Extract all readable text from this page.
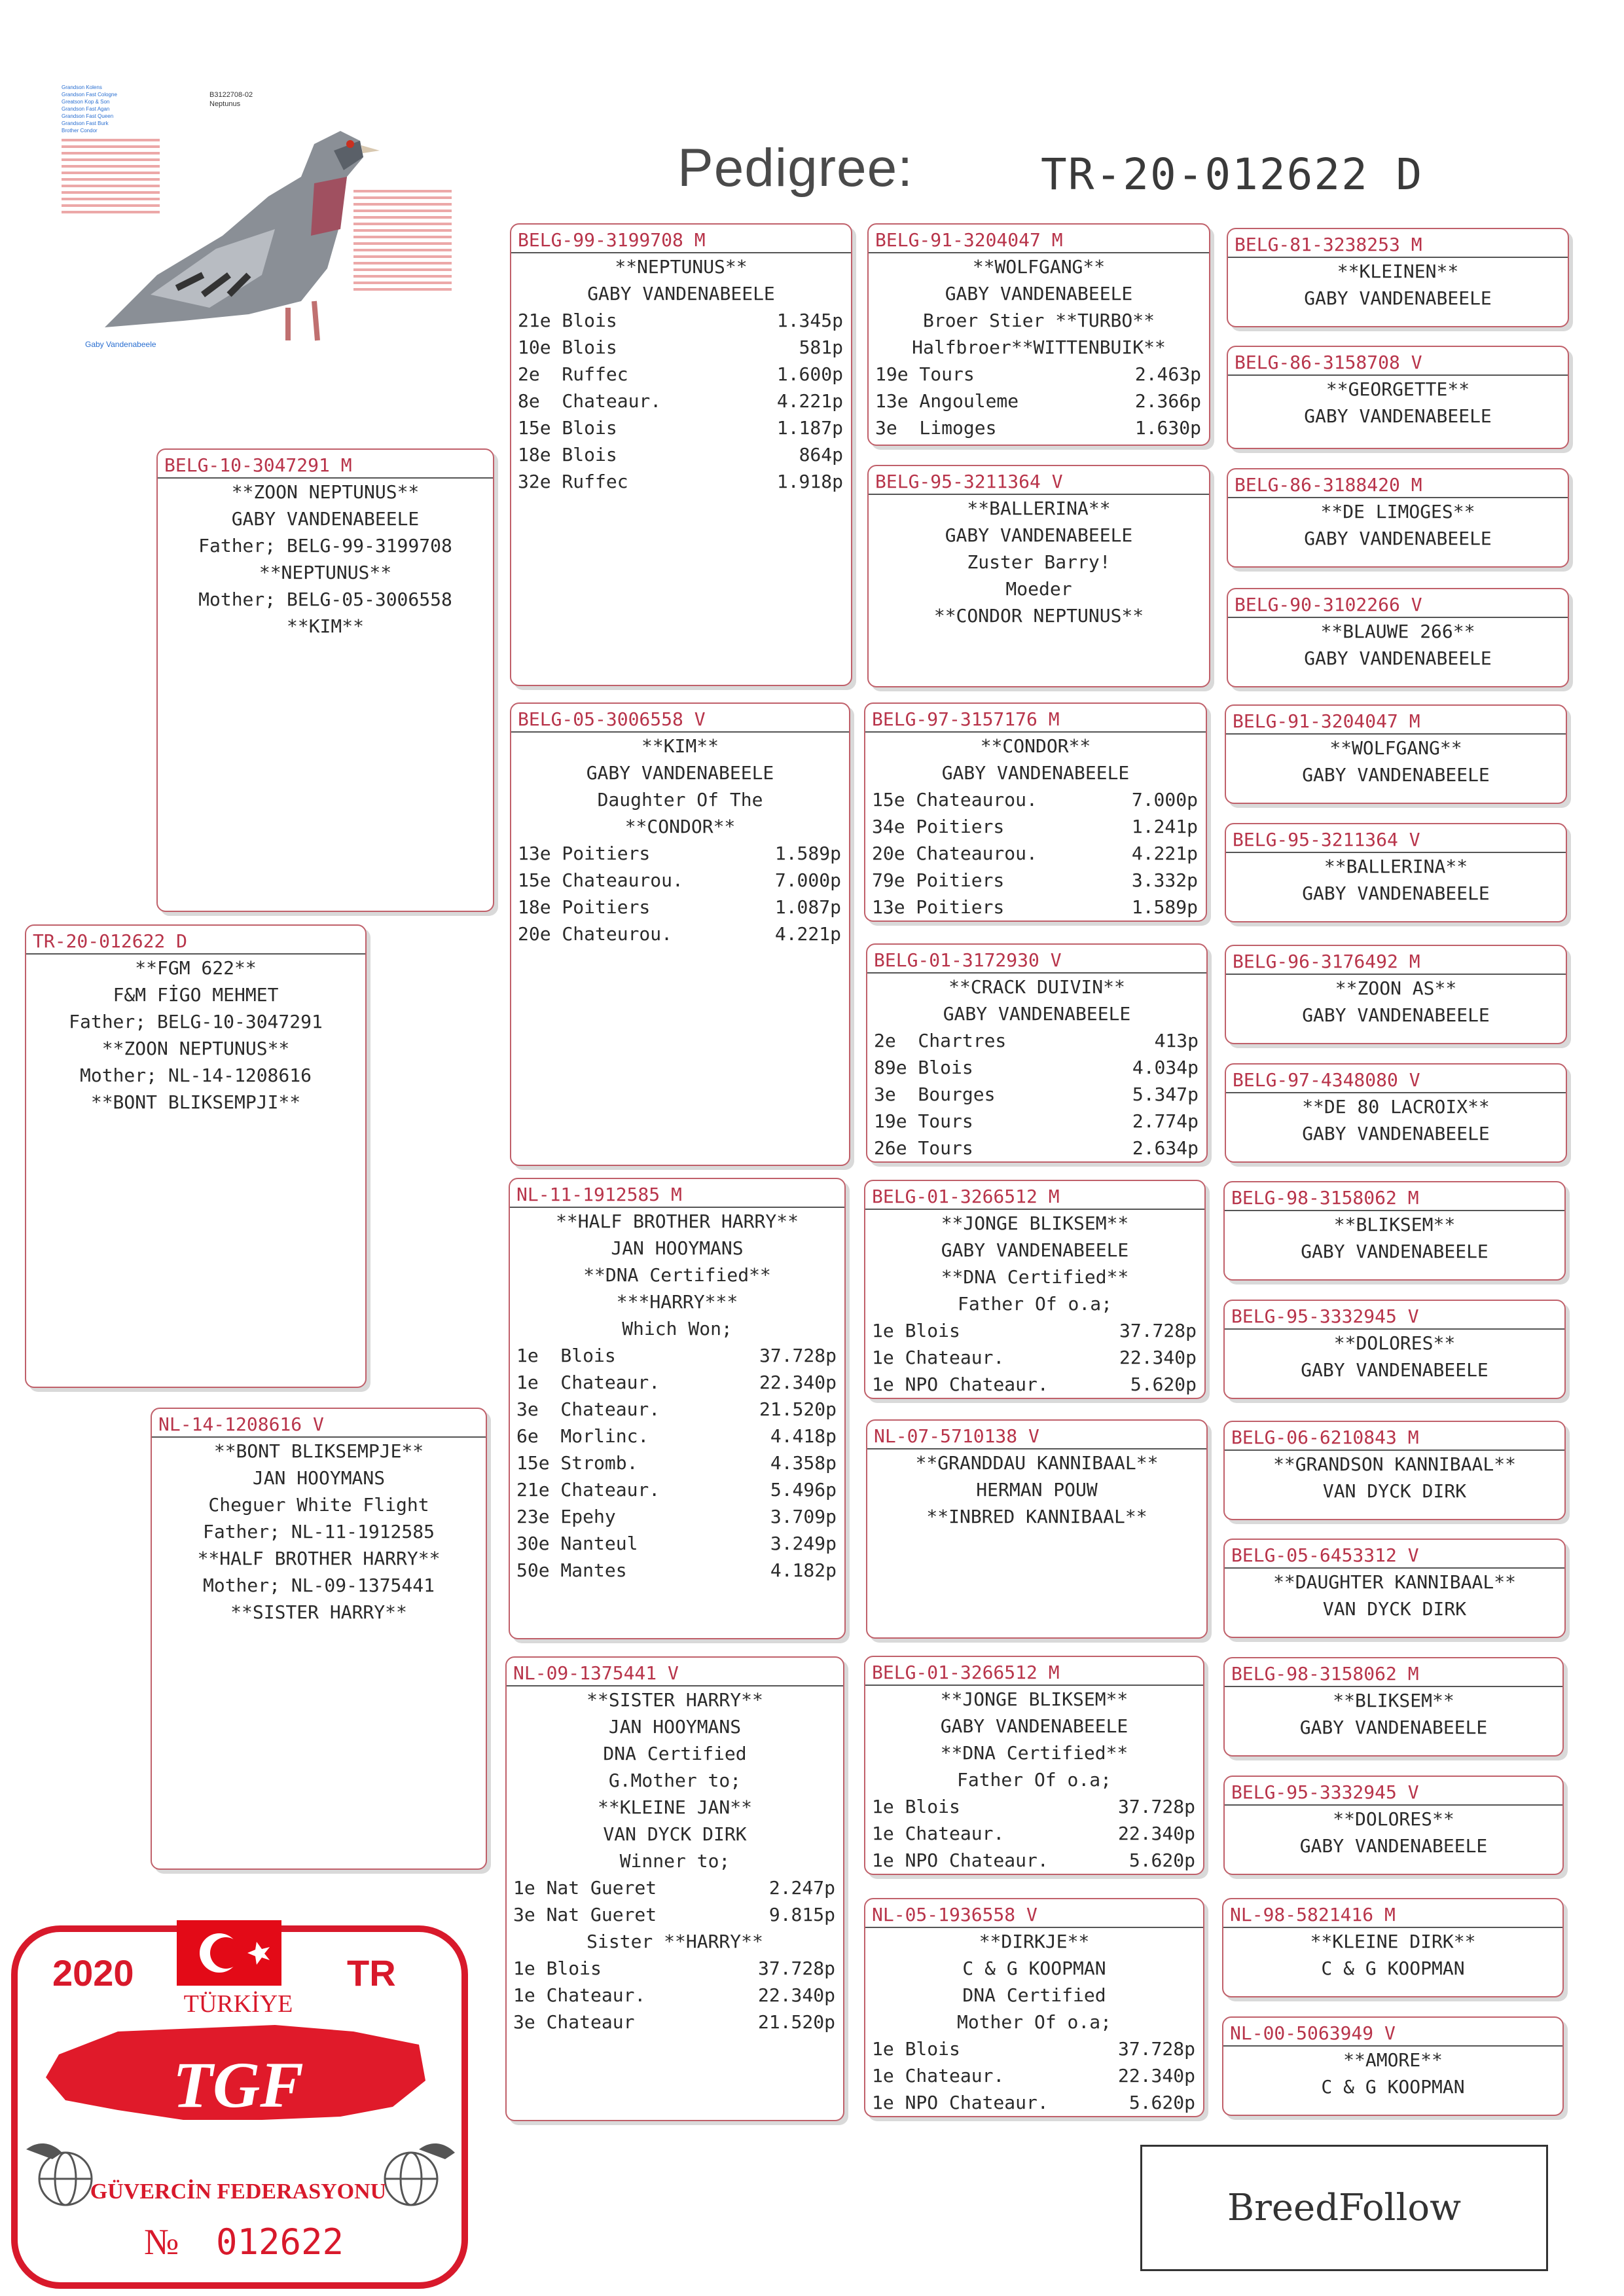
Pedigree:	TR-20-012622 D
Grandson Kolens
Grandson Fast Cologne
Greatson Kop & Son
Grandson Fast Agan
Grandson Fast Queen
Grandson Fast Burk
Brother Condor
B3122708-02
Neptunus
Gaby Vandenabeele
TR-20-012622 D
**FGM 622**
F&M FİGO MEHMET
Father; BELG-10-3047291
**ZOON NEPTUNUS**
Mother; NL-14-1208616
**BONT BLIKSEMPJI**
BELG-10-3047291 M
**ZOON NEPTUNUS**
GABY VANDENABEELE
Father; BELG-99-3199708
**NEPTUNUS**
Mother; BELG-05-3006558
**KIM**
NL-14-1208616 V
**BONT BLIKSEMPJE**
JAN HOOYMANS
Cheguer White Flight
Father; NL-11-1912585
**HALF BROTHER HARRY**
Mother; NL-09-1375441
**SISTER HARRY**
BELG-99-3199708 M
**NEPTUNUS**
GABY VANDENABEELE
21e Blois	1.345p
10e Blois	581p
2e  Ruffec	1.600p
8e  Chateaur.	4.221p
15e Blois	1.187p
18e Blois	864p
32e Ruffec	1.918p
BELG-05-3006558 V
**KIM**
GABY VANDENABEELE
Daughter Of The
**CONDOR**
13e Poitiers	1.589p
15e Chateaurou.	7.000p
18e Poitiers	1.087p
20e Chateurou.	4.221p
NL-11-1912585 M
**HALF BROTHER HARRY**
JAN HOOYMANS
**DNA Certified**
***HARRY***
Which Won;
1e  Blois	37.728p
1e  Chateaur.	22.340p
3e  Chateaur.	21.520p
6e  Morlinc.	4.418p
15e Stromb.	4.358p
21e Chateaur.	5.496p
23e Epehy	3.709p
30e Nanteul	3.249p
50e Mantes	4.182p
NL-09-1375441 V
**SISTER HARRY**
JAN HOOYMANS
DNA Certified
G.Mother to;
**KLEINE JAN**
VAN DYCK DIRK
Winner to;
1e Nat Gueret	2.247p
3e Nat Gueret	9.815p
Sister **HARRY**
1e Blois	37.728p
1e Chateaur.	22.340p
3e Chateaur	21.520p
BELG-91-3204047 M
**WOLFGANG**
GABY VANDENABEELE
Broer Stier **TURBO**
Halfbroer**WITTENBUIK**
19e Tours	2.463p
13e Angouleme	2.366p
3e  Limoges	1.630p
BELG-95-3211364 V
**BALLERINA**
GABY VANDENABEELE
Zuster Barry!
Moeder
**CONDOR NEPTUNUS**
BELG-97-3157176 M
**CONDOR**
GABY VANDENABEELE
15e Chateaurou.	7.000p
34e Poitiers	1.241p
20e Chateaurou.	4.221p
79e Poitiers	3.332p
13e Poitiers	1.589p
BELG-01-3172930 V
**CRACK DUIVIN**
GABY VANDENABEELE
2e  Chartres	413p
89e Blois	4.034p
3e  Bourges	5.347p
19e Tours	2.774p
26e Tours	2.634p
BELG-01-3266512 M
**JONGE BLIKSEM**
GABY VANDENABEELE
**DNA Certified**
Father Of o.a;
1e Blois	37.728p
1e Chateaur.	22.340p
1e NPO Chateaur.	5.620p
NL-07-5710138 V
**GRANDDAU KANNIBAAL**
HERMAN POUW
**INBRED KANNIBAAL**
BELG-01-3266512 M
**JONGE BLIKSEM**
GABY VANDENABEELE
**DNA Certified**
Father Of o.a;
1e Blois	37.728p
1e Chateaur.	22.340p
1e NPO Chateaur.	5.620p
NL-05-1936558 V
**DIRKJE**
C & G KOOPMAN
DNA Certified
Mother Of o.a;
1e Blois	37.728p
1e Chateaur.	22.340p
1e NPO Chateaur.	5.620p
BELG-81-3238253 M
**KLEINEN**
GABY VANDENABEELE
BELG-86-3158708 V
**GEORGETTE**
GABY VANDENABEELE
BELG-86-3188420 M
**DE LIMOGES**
GABY VANDENABEELE
BELG-90-3102266 V
**BLAUWE 266**
GABY VANDENABEELE
BELG-91-3204047 M
**WOLFGANG**
GABY VANDENABEELE
BELG-95-3211364 V
**BALLERINA**
GABY VANDENABEELE
BELG-96-3176492 M
**ZOON AS**
GABY VANDENABEELE
BELG-97-4348080 V
**DE 80 LACROIX**
GABY VANDENABEELE
BELG-98-3158062 M
**BLIKSEM**
GABY VANDENABEELE
BELG-95-3332945 V
**DOLORES**
GABY VANDENABEELE
BELG-06-6210843 M
**GRANDSON KANNIBAAL**
VAN DYCK DIRK
BELG-05-6453312 V
**DAUGHTER KANNIBAAL**
VAN DYCK DIRK
BELG-98-3158062 M
**BLIKSEM**
GABY VANDENABEELE
BELG-95-3332945 V
**DOLORES**
GABY VANDENABEELE
NL-98-5821416 M
**KLEINE DIRK**
C & G KOOPMAN
NL-00-5063949 V
**AMORE**
C & G KOOPMAN
2020	TR
TÜRKİYE
TGF
GÜVERCİN FEDERASYONU
№ 012622
BreedFollow
